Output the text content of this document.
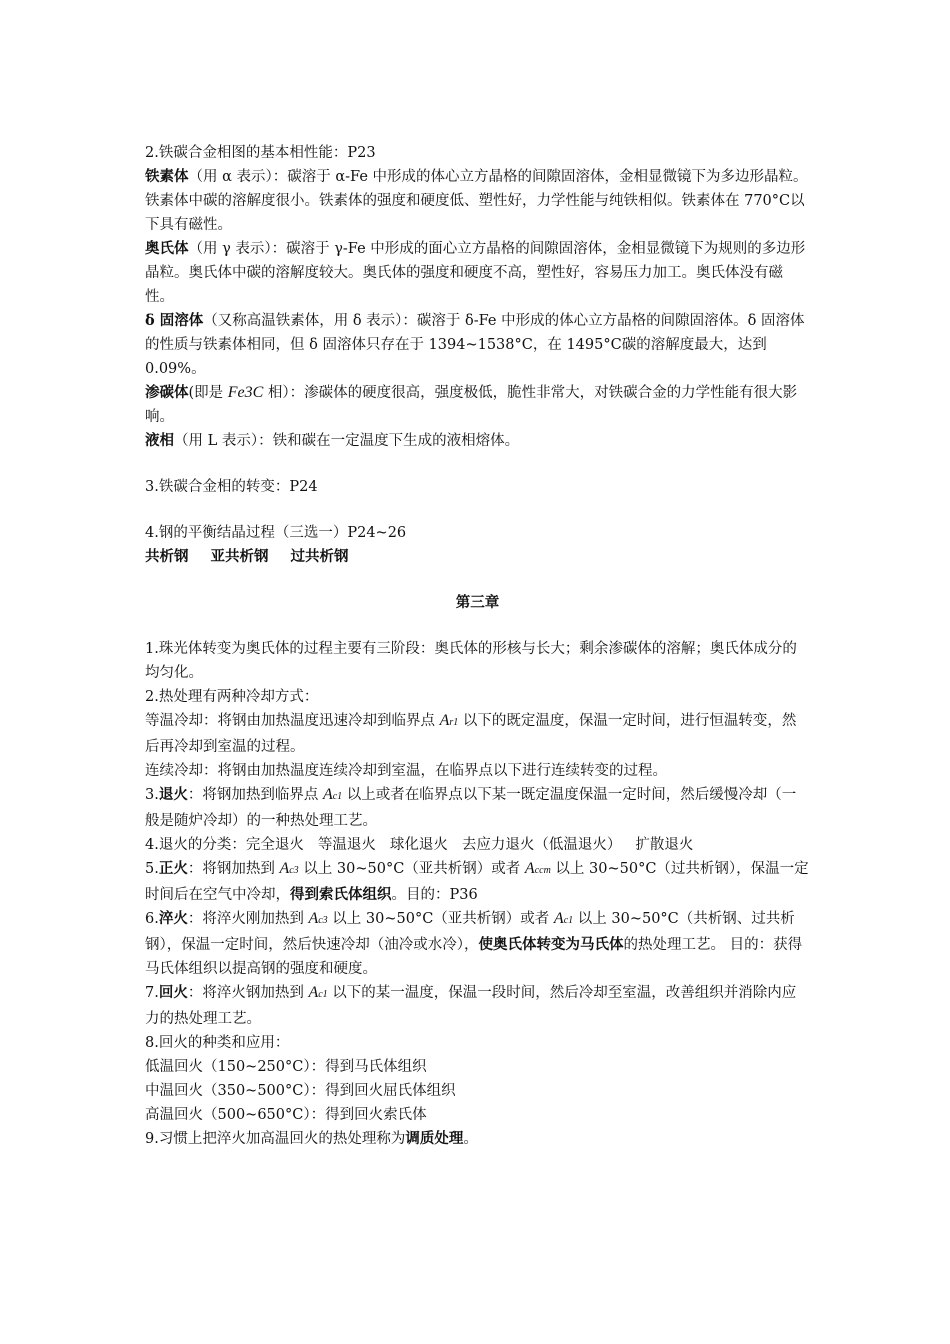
2.铁碳合金相图的基本相性能：P23

铁素体（用 α 表示）：碳溶于 α-Fe 中形成的体心立方晶格的间隙固溶体，金相显微镜下为多边形晶粒。铁素体中碳的溶解度很小。铁素体的强度和硬度低、塑性好，力学性能与纯铁相似。铁素体在 770°C以下具有磁性。

奥氏体（用 γ 表示）：碳溶于 γ-Fe 中形成的面心立方晶格的间隙固溶体，金相显微镜下为规则的多边形晶粒。奥氏体中碳的溶解度较大。奥氏体的强度和硬度不高，塑性好，容易压力加工。奥氏体没有磁性。

δ 固溶体（又称高温铁素体，用 δ 表示）：碳溶于 δ-Fe 中形成的体心立方晶格的间隙固溶体。δ 固溶体的性质与铁素体相同，但 δ 固溶体只存在于 1394~1538°C，在 1495°C碳的溶解度最大，达到 0.09%。

渗碳体(即是 Fe3C 相）：渗碳体的硬度很高，强度极低，脆性非常大，对铁碳合金的力学性能有很大影响。

液相（用 L 表示）：铁和碳在一定温度下生成的液相熔体。

3.铁碳合金相的转变：P24

4.钢的平衡结晶过程（三选一）P24~26

共析钢 亚共析钢 过共析钢

第三章

1.珠光体转变为奥氏体的过程主要有三阶段：奥氏体的形核与长大；剩余渗碳体的溶解；奥氏体成分的均匀化。

2.热处理有两种冷却方式：

等温冷却：将钢由加热温度迅速冷却到临界点 Ar1 以下的既定温度，保温一定时间，进行恒温转变，然后再冷却到室温的过程。

连续冷却：将钢由加热温度连续冷却到室温，在临界点以下进行连续转变的过程。

3.退火：将钢加热到临界点 Ac1 以上或者在临界点以下某一既定温度保温一定时间，然后缓慢冷却（一般是随炉冷却）的一种热处理工艺。

4.退火的分类：完全退火 等温退火 球化退火 去应力退火（低温退火） 扩散退火

5.正火：将钢加热到 Ac3 以上 30~50°C（亚共析钢）或者 Accm 以上 30~50°C（过共析钢），保温一定时间后在空气中冷却，得到索氏体组织。目的：P36

6.淬火：将淬火刚加热到 Ac3 以上 30~50°C（亚共析钢）或者 Ac1 以上 30~50°C（共析钢、过共析钢），保温一定时间，然后快速冷却（油冷或水冷），使奥氏体转变为马氏体的热处理工艺。 目的：获得马氏体组织以提高钢的强度和硬度。

7.回火：将淬火钢加热到 Ac1 以下的某一温度，保温一段时间，然后冷却至室温，改善组织并消除内应力的热处理工艺。

8.回火的种类和应用：

低温回火（150~250°C）：得到马氏体组织

中温回火（350~500°C）：得到回火屈氏体组织

高温回火（500~650°C）：得到回火索氏体

9.习惯上把淬火加高温回火的热处理称为调质处理。
